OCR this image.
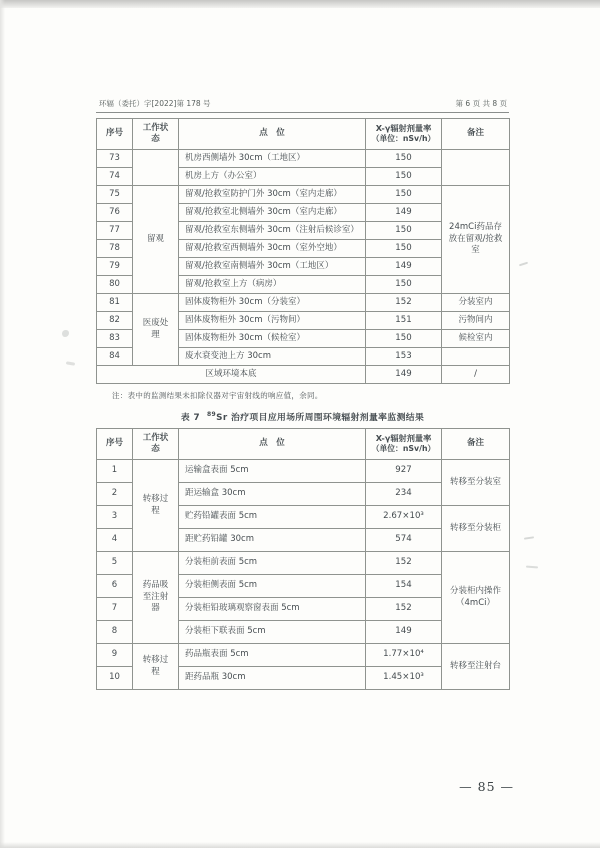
环辐（委托）字[2022]第 178 号	第 6 页 共 8 页
序号	工作状态	点　位	X-γ辐射剂量率
（单位：nSv/h）	备注
73		机房西侧墙外 30cm（工地区）	150	
74		机房上方（办公室）	150	
75	留观	留观/抢救室防护门外 30cm（室内走廊）	150	24mCi药品存放在留观/抢救室
76		留观/抢救室北侧墙外 30cm（室内走廊）	149	
77		留观/抢救室东侧墙外 30cm（注射后候诊室）	150	
78		留观/抢救室西侧墙外 30cm（室外空地）	150	
79		留观/抢救室南侧墙外 30cm（工地区）	149	
80		留观/抢救室上方（病房）	150	
81	医废处理	固体废物柜外 30cm（分装室）	152	分装室内
82		固体废物柜外 30cm（污物间）	151	污物间内
83		固体废物柜外 30cm（候检室）	150	候检室内
84		废水衰变池上方 30cm	153	
区域环境本底			149	/
注：表中的监测结果未扣除仪器对宇宙射线的响应值，余同。
表 7 $^{89}$Sr 治疗项目应用场所周围环境辐射剂量率监测结果
序号	工作状态	点　位	X-γ辐射剂量率
（单位：nSv/h）	备注
1	转移过程	运输盒表面 5cm	927	转移至分装室
2		距运输盒 30cm	234	
3		贮药铅罐表面 5cm	2.67×10³	转移至分装柜
4		距贮药铅罐 30cm	574	
5	药品吸至注射器	分装柜前表面 5cm	152	分装柜内操作（4mCi）
6		分装柜侧表面 5cm	154	
7		分装柜铅玻璃观察窗表面 5cm	152	
8		分装柜下联表面 5cm	149	
9	转移过程	药品瓶表面 5cm	1.77×10⁴	转移至注射台
10		距药品瓶 30cm	1.45×10³	
— 85 —
